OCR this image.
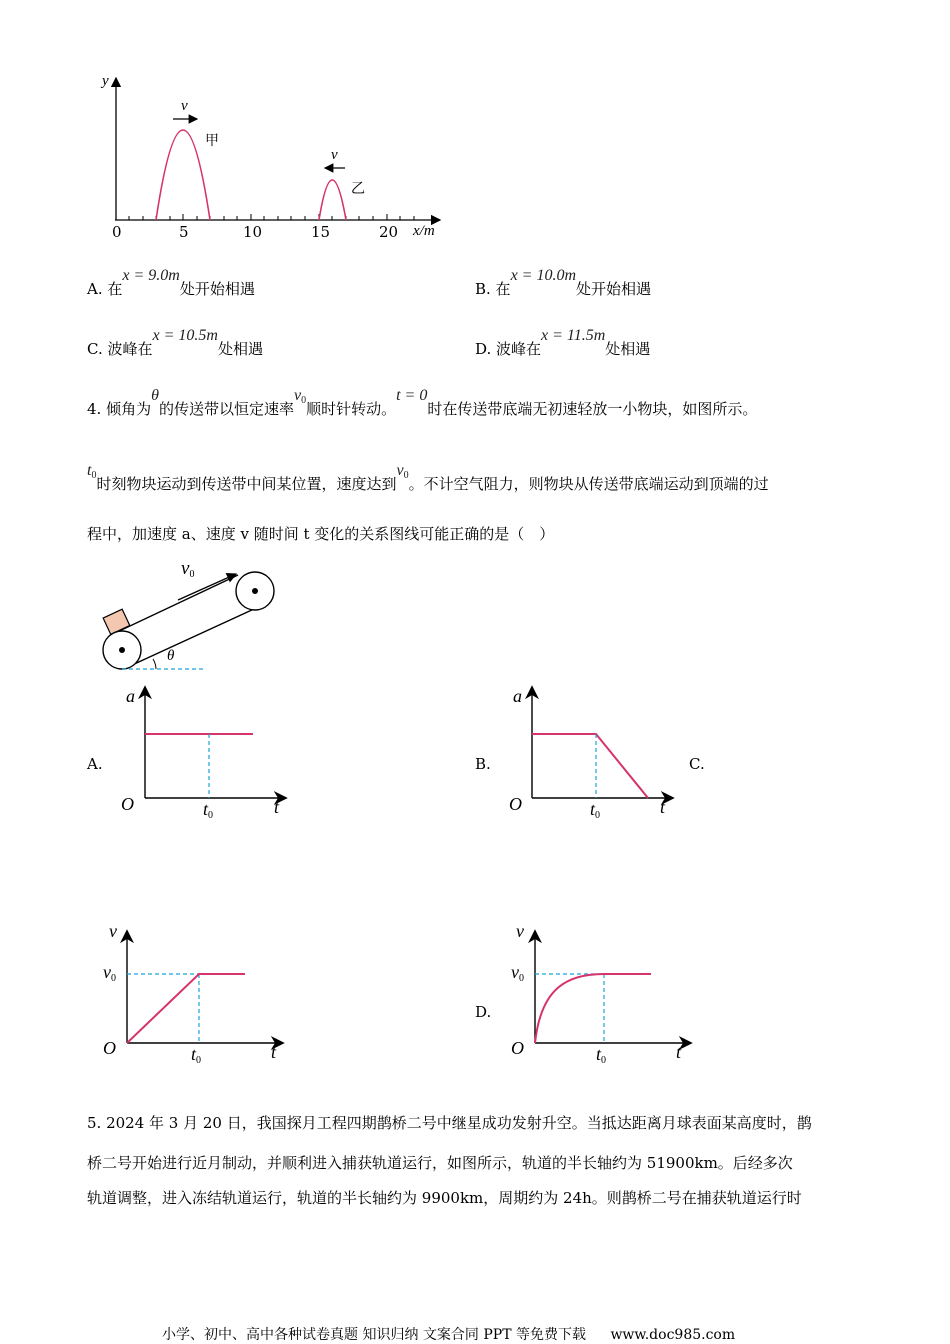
y
v
甲
v
乙
0	5	10	15	20 x/m
A. 在x = 9.0m处开始相遇	B. 在x = 10.0m处开始相遇
C. 波峰在x = 10.5m处相遇	D. 波峰在x = 11.5m处相遇
4. 倾角为θ的传送带以恒定速率v0顺时针转动。t = 0时在传送带底端无初速轻放一小物块，如图所示。
t0时刻物块运动到传送带中间某位置，速度达到v0。不计空气阻力，则物块从传送带底端运动到顶端的过
程中，加速度 a、速度 v 随时间 t 变化的关系图线可能正确的是（　）
v0
θ
A.
a
O	t0	t
B.
a
O	t0	t
C.
v
v0
O	t0	t
D.
v
v0
O	t0	t
5. 2024 年 3 月 20 日，我国探月工程四期鹊桥二号中继星成功发射升空。当抵达距离月球表面某高度时，鹊
桥二号开始进行近月制动，并顺利进入捕获轨道运行，如图所示，轨道的半长轴约为 51900km。后经多次
轨道调整，进入冻结轨道运行，轨道的半长轴约为 9900km，周期约为 24h。则鹊桥二号在捕获轨道运行时
小学、初中、高中各种试卷真题 知识归纳 文案合同 PPT 等免费下载 www.doc985.com
